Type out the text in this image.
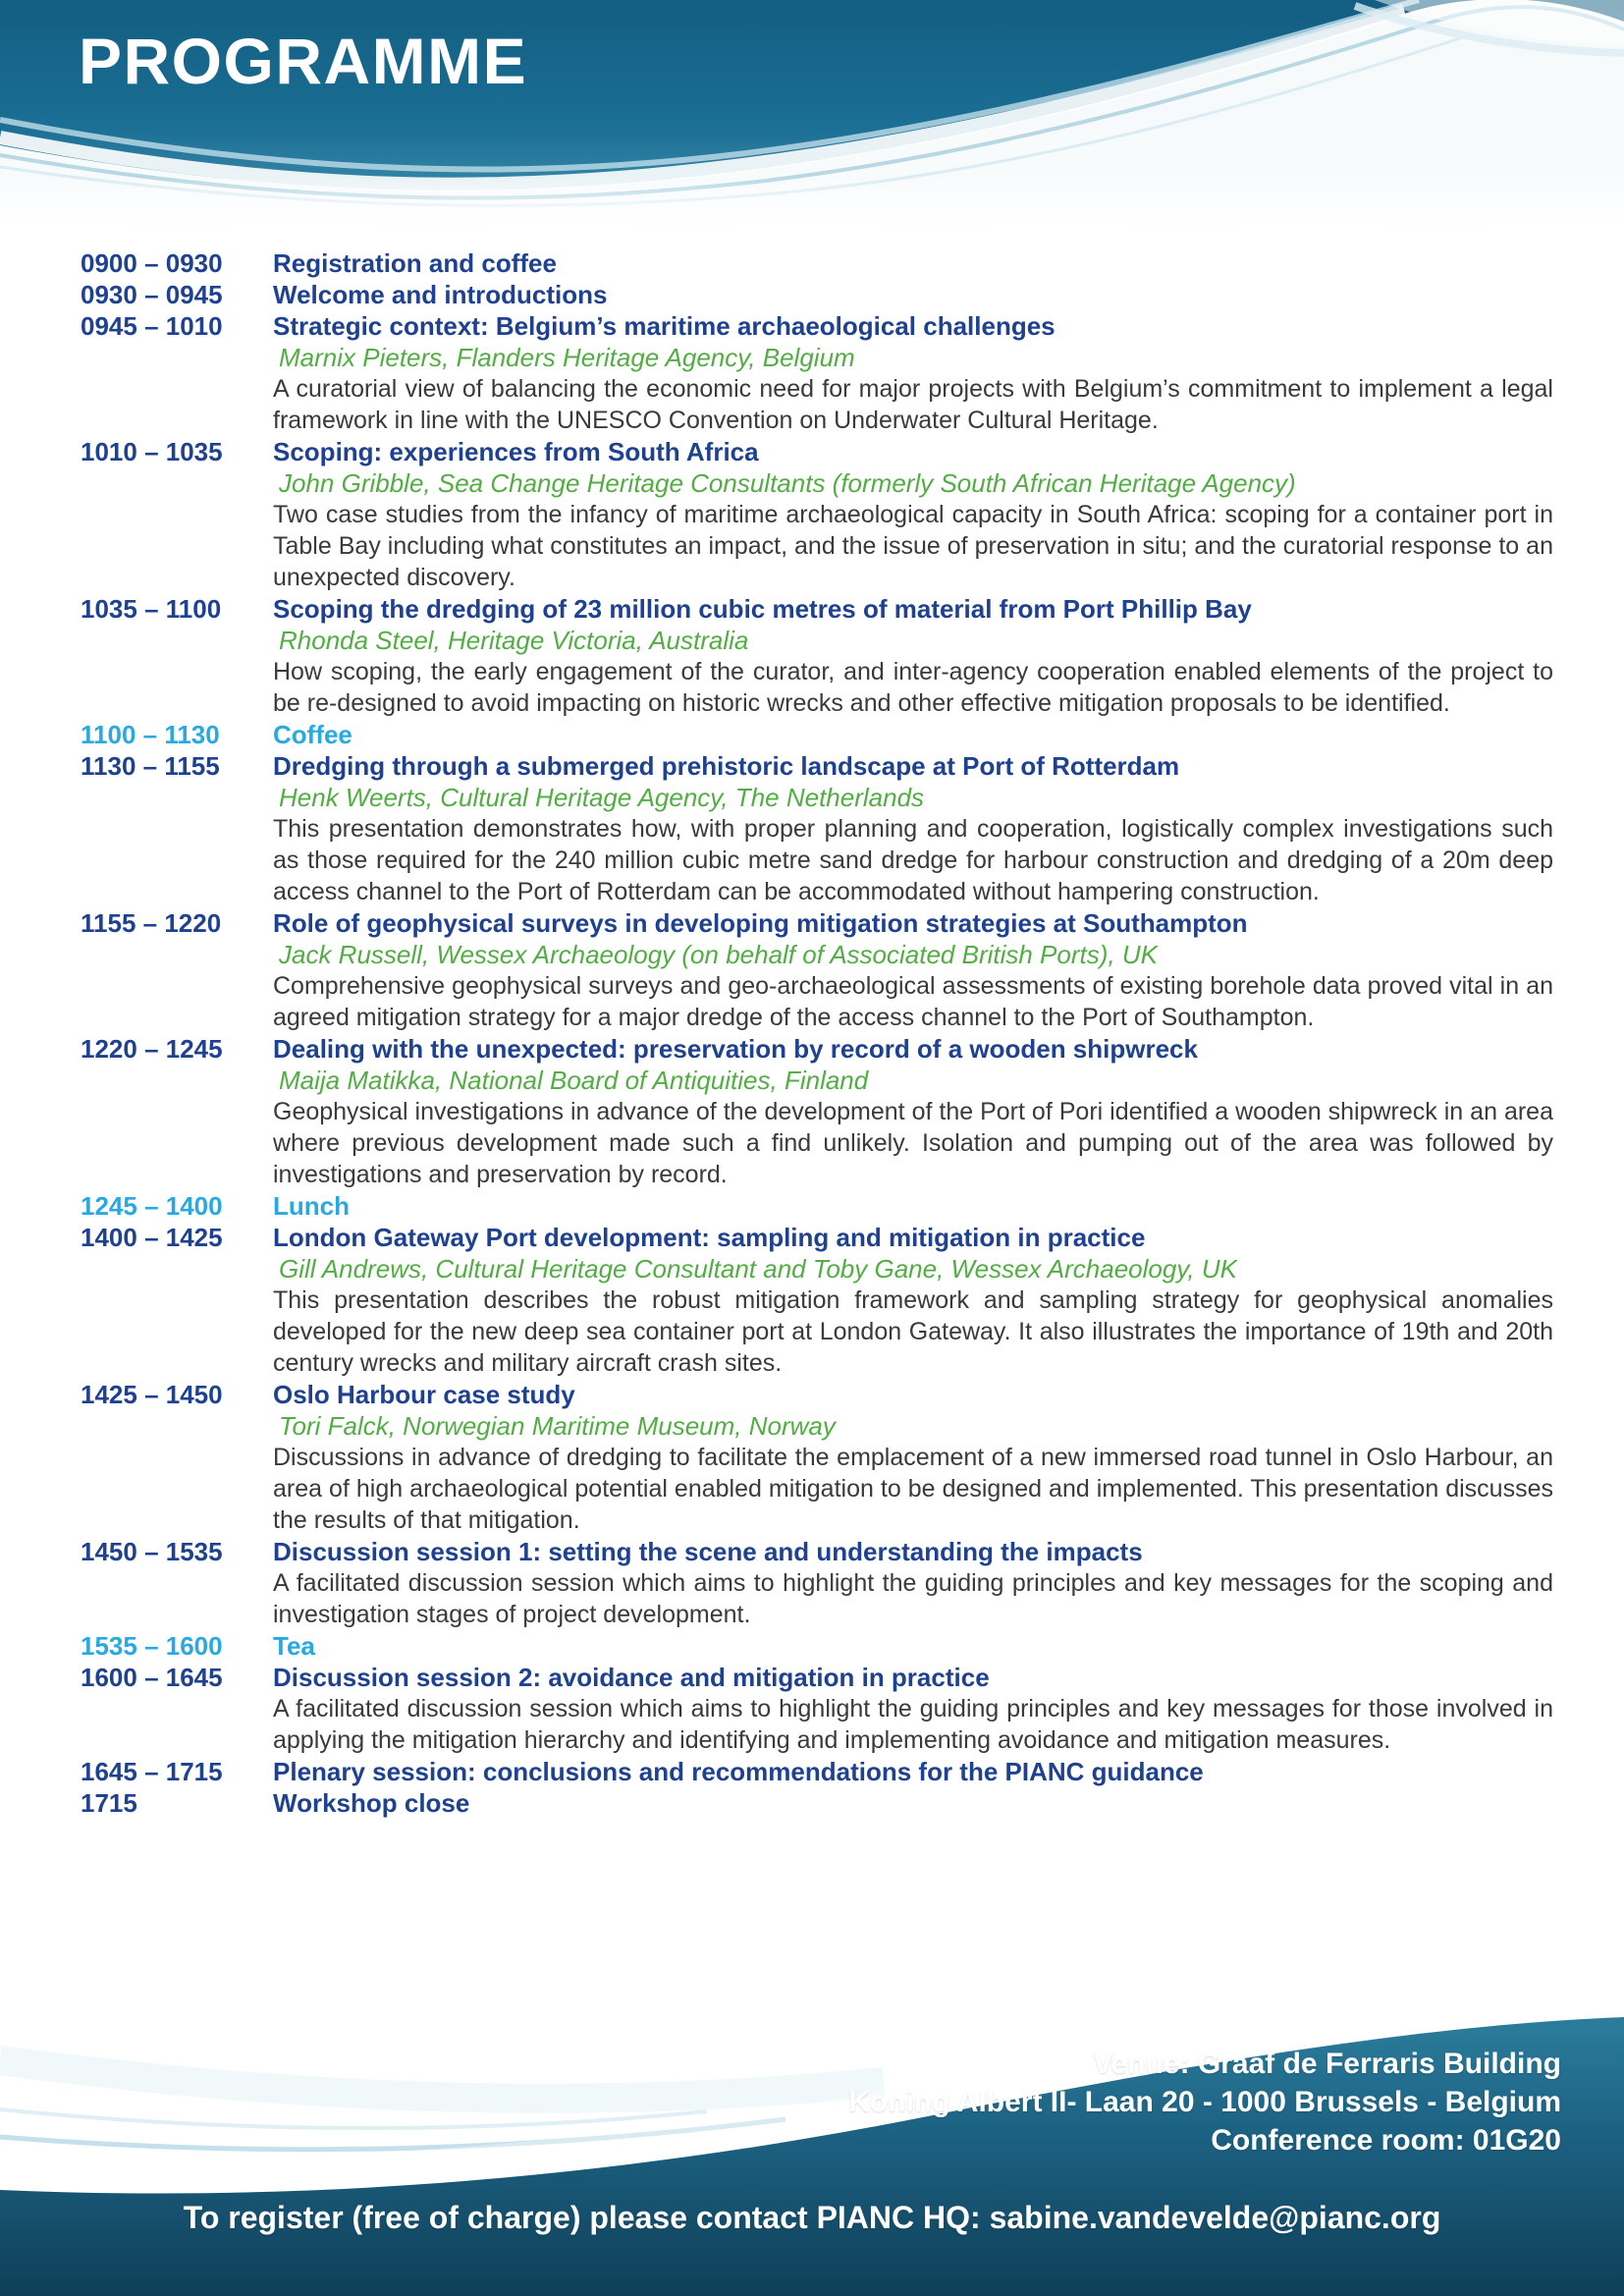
PROGRAMME
0900 – 0930	Registration and coffee
0930 – 0945	Welcome and introductions
0945 – 1010	Strategic context: Belgium’s maritime archaeological challenges
Marnix Pieters, Flanders Heritage Agency, Belgium
A curatorial view of balancing the economic need for major projects with Belgium’s commitment to implement a legal framework in line with the UNESCO Convention on Underwater Cultural Heritage.
1010 – 1035	Scoping: experiences from South Africa
John Gribble, Sea Change Heritage Consultants (formerly South African Heritage Agency)
Two case studies from the infancy of maritime archaeological capacity in South Africa: scoping for a container port in Table Bay including what constitutes an impact, and the issue of preservation in situ; and the curatorial response to an unexpected discovery.
1035 – 1100	Scoping the dredging of 23 million cubic metres of material from Port Phillip Bay
Rhonda Steel, Heritage Victoria, Australia
How scoping, the early engagement of the curator, and inter-agency cooperation enabled elements of the project to be re-designed to avoid impacting on historic wrecks and other effective mitigation proposals to be identified.
1100 – 1130	Coffee
1130 – 1155	Dredging through a submerged prehistoric landscape at Port of Rotterdam
Henk Weerts, Cultural Heritage Agency, The Netherlands
This presentation demonstrates how, with proper planning and cooperation, logistically complex investigations such as those required for the 240 million cubic metre sand dredge for harbour construction and dredging of a 20m deep access channel to the Port of Rotterdam can be accommodated without hampering construction.
1155 – 1220	Role of geophysical surveys in developing mitigation strategies at Southampton
Jack Russell, Wessex Archaeology (on behalf of Associated British Ports), UK
Comprehensive geophysical surveys and geo-archaeological assessments of existing borehole data proved vital in an agreed mitigation strategy for a major dredge of the access channel to the Port of Southampton.
1220 – 1245	Dealing with the unexpected: preservation by record of a wooden shipwreck
Maija Matikka, National Board of Antiquities, Finland
Geophysical investigations in advance of the development of the Port of Pori identified a wooden shipwreck in an area where previous development made such a find unlikely. Isolation and pumping out of the area was followed by investigations and preservation by record.
1245 – 1400	Lunch
1400 – 1425	London Gateway Port development: sampling and mitigation in practice
Gill Andrews, Cultural Heritage Consultant and Toby Gane, Wessex Archaeology, UK
This presentation describes the robust mitigation framework and sampling strategy for geophysical anomalies developed for the new deep sea container port at London Gateway. It also illustrates the importance of 19th and 20th century wrecks and military aircraft crash sites.
1425 – 1450	Oslo Harbour case study
Tori Falck, Norwegian Maritime Museum, Norway
Discussions in advance of dredging to facilitate the emplacement of a new immersed road tunnel in Oslo Harbour, an area of high archaeological potential enabled mitigation to be designed and implemented. This presentation discusses the results of that mitigation.
1450 – 1535	Discussion session 1: setting the scene and understanding the impacts
A facilitated discussion session which aims to highlight the guiding principles and key messages for the scoping and investigation stages of project development.
1535 – 1600	Tea
1600 – 1645	Discussion session 2: avoidance and mitigation in practice
A facilitated discussion session which aims to highlight the guiding principles and key messages for those involved in applying the mitigation hierarchy and identifying and implementing avoidance and mitigation measures.
1645 – 1715	Plenary session: conclusions and recommendations for the PIANC guidance
1715	Workshop close
Venue: Graaf de Ferraris Building
Koning Albert II- Laan 20 - 1000 Brussels - Belgium
Conference room: 01G20
To register (free of charge) please contact PIANC HQ: sabine.vandevelde@pianc.org
